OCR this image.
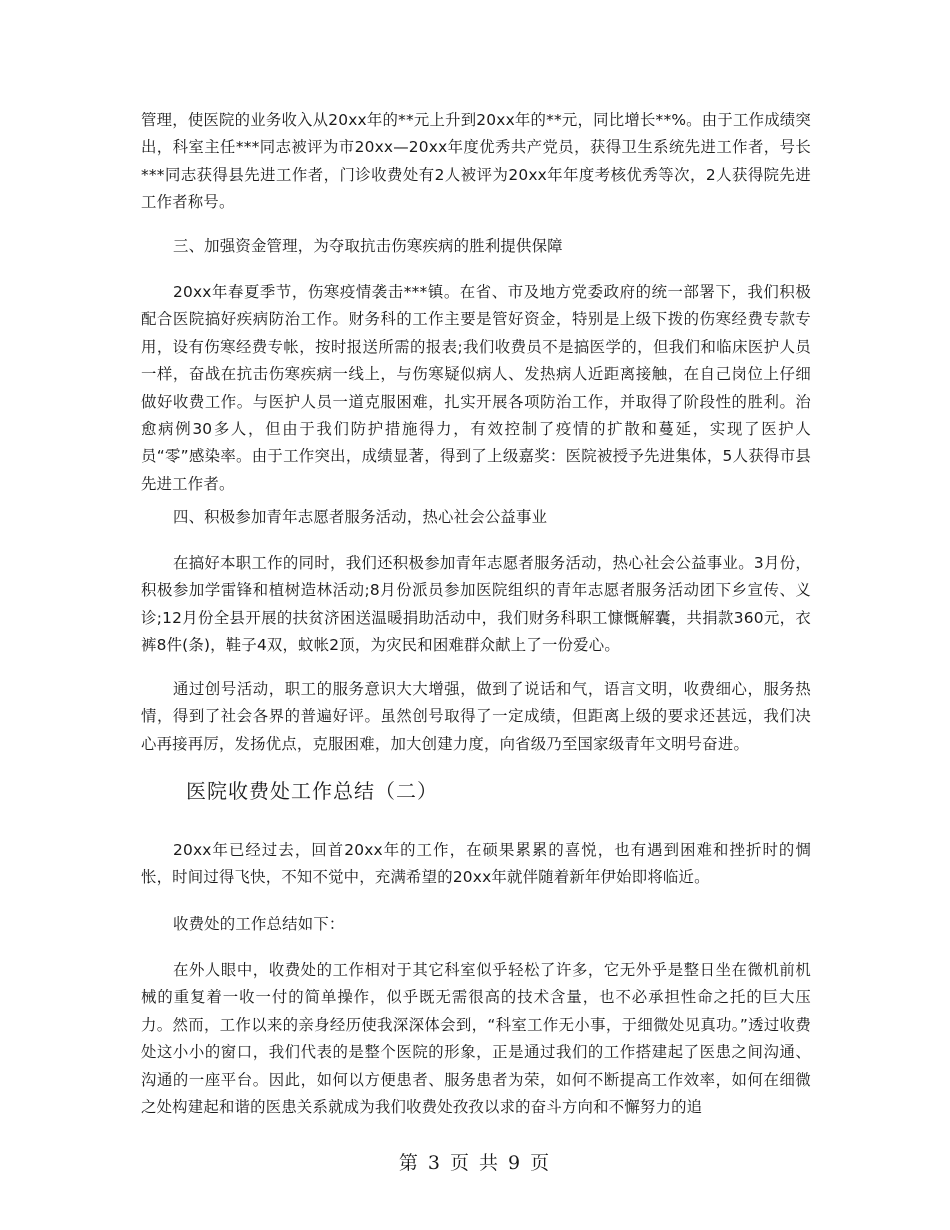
管理，使医院的业务收入从20xx年的**元上升到20xx年的**元，同比增长**%。由于工作成绩突出，科室主任***同志被评为市20xx—20xx年度优秀共产党员，获得卫生系统先进工作者，号长***同志获得县先进工作者，门诊收费处有2人被评为20xx年年度考核优秀等次，2人获得院先进工作者称号。

三、加强资金管理，为夺取抗击伤寒疾病的胜利提供保障

20xx年春夏季节，伤寒疫情袭击***镇。在省、市及地方党委政府的统一部署下，我们积极配合医院搞好疾病防治工作。财务科的工作主要是管好资金，特别是上级下拨的伤寒经费专款专用，设有伤寒经费专帐，按时报送所需的报表;我们收费员不是搞医学的，但我们和临床医护人员一样，奋战在抗击伤寒疾病一线上，与伤寒疑似病人、发热病人近距离接触，在自己岗位上仔细做好收费工作。与医护人员一道克服困难，扎实开展各项防治工作，并取得了阶段性的胜利。治愈病例30多人，但由于我们防护措施得力，有效控制了疫情的扩散和蔓延，实现了医护人员“零”感染率。由于工作突出，成绩显著，得到了上级嘉奖：医院被授予先进集体，5人获得市县先进工作者。

四、积极参加青年志愿者服务活动，热心社会公益事业

在搞好本职工作的同时，我们还积极参加青年志愿者服务活动，热心社会公益事业。3月份，积极参加学雷锋和植树造林活动;8月份派员参加医院组织的青年志愿者服务活动团下乡宣传、义诊;12月份全县开展的扶贫济困送温暖捐助活动中，我们财务科职工慷慨解囊，共捐款360元，衣裤8件(条)，鞋子4双，蚊帐2顶，为灾民和困难群众献上了一份爱心。

通过创号活动，职工的服务意识大大增强，做到了说话和气，语言文明，收费细心，服务热情，得到了社会各界的普遍好评。虽然创号取得了一定成绩，但距离上级的要求还甚远，我们决心再接再厉，发扬优点，克服困难，加大创建力度，向省级乃至国家级青年文明号奋进。

医院收费处工作总结（二）

20xx年已经过去，回首20xx年的工作，在硕果累累的喜悦，也有遇到困难和挫折时的惆怅，时间过得飞快，不知不觉中，充满希望的20xx年就伴随着新年伊始即将临近。

收费处的工作总结如下：

在外人眼中，收费处的工作相对于其它科室似乎轻松了许多，它无外乎是整日坐在微机前机械的重复着一收一付的简单操作，似乎既无需很高的技术含量，也不必承担性命之托的巨大压力。然而，工作以来的亲身经历使我深深体会到，“科室工作无小事，于细微处见真功。”透过收费处这小小的窗口，我们代表的是整个医院的形象，正是通过我们的工作搭建起了医患之间沟通、沟通的一座平台。因此，如何以方便患者、服务患者为荣，如何不断提高工作效率，如何在细微之处构建起和谐的医患关系就成为我们收费处孜孜以求的奋斗方向和不懈努力的追

第 3 页 共 9 页
